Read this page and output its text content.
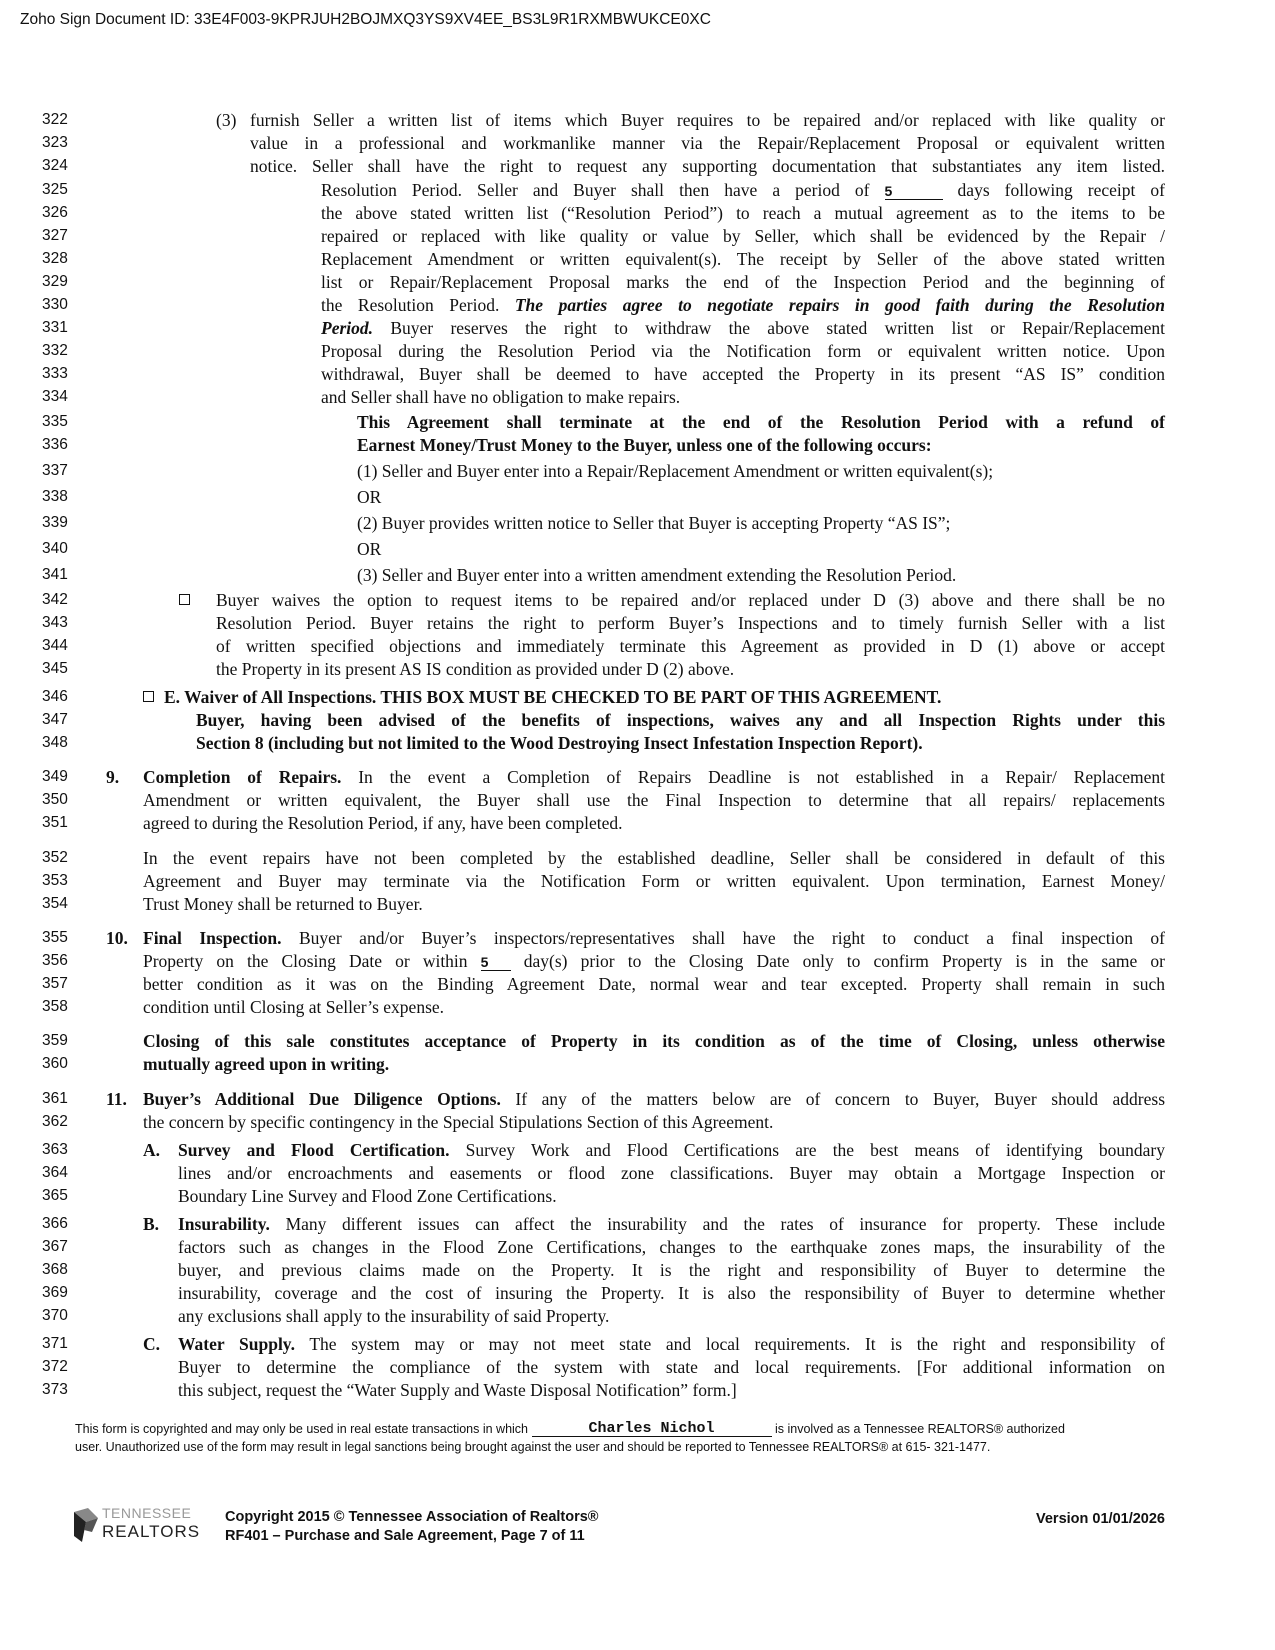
Zoho Sign Document ID: 33E4F003-9KPRJUH2BOJMXQ3YS9XV4EE_BS3L9R1RXMBWUKCE0XC
322
323
324
325
326
327
328
329
330
331
332
333
334
335
336
337
338
339
340
341
342
343
344
345
346
347
348
349
350
351
352
353
354
355
356
357
358
359
360
361
362
363
364
365
366
367
368
369
370
371
372
373
(3) furnish Seller a written list of items which Buyer requires to be repaired and/or replaced with like quality or
value in a professional and workmanlike manner via the Repair/Replacement Proposal or equivalent written
notice. Seller shall have the right to request any supporting documentation that substantiates any item listed.
Resolution Period. Seller and Buyer shall then have a period of 5	days following receipt of
the above stated written list (“Resolution Period”) to reach a mutual agreement as to the items to be
repaired or replaced with like quality or value by Seller, which shall be evidenced by the Repair /
Replacement Amendment or written equivalent(s). The receipt by Seller of the above stated written
list or Repair/Replacement Proposal marks the end of the Inspection Period and the beginning of
the Resolution Period. The parties agree to negotiate repairs in good faith during the Resolution
Period. Buyer reserves the right to withdraw the above stated written list or Repair/Replacement
Proposal during the Resolution Period via the Notification form or equivalent written notice. Upon
withdrawal, Buyer shall be deemed to have accepted the Property in its present “AS IS” condition
and Seller shall have no obligation to make repairs.
This Agreement shall terminate at the end of the Resolution Period with a refund of
Earnest Money/Trust Money to the Buyer, unless one of the following occurs:
(1) Seller and Buyer enter into a Repair/Replacement Amendment or written equivalent(s);
OR
(2) Buyer provides written notice to Seller that Buyer is accepting Property “AS IS”;
OR
(3) Seller and Buyer enter into a written amendment extending the Resolution Period.
Buyer waives the option to request items to be repaired and/or replaced under D (3) above and there shall be no
Resolution Period. Buyer retains the right to perform Buyer’s Inspections and to timely furnish Seller with a list
of written specified objections and immediately terminate this Agreement as provided in D (1) above or accept
the Property in its present AS IS condition as provided under D (2) above.
E. Waiver of All Inspections. THIS BOX MUST BE CHECKED TO BE PART OF THIS AGREEMENT.
Buyer, having been advised of the benefits of inspections, waives any and all Inspection Rights under this
Section 8 (including but not limited to the Wood Destroying Insect Infestation Inspection Report).
9. Completion of Repairs. In the event a Completion of Repairs Deadline is not established in a Repair/ Replacement
Amendment or written equivalent, the Buyer shall use the Final Inspection to determine that all repairs/ replacements
agreed to during the Resolution Period, if any, have been completed.
In the event repairs have not been completed by the established deadline, Seller shall be considered in default of this
Agreement and Buyer may terminate via the Notification Form or written equivalent. Upon termination, Earnest Money/
Trust Money shall be returned to Buyer.
10. Final Inspection. Buyer and/or Buyer’s inspectors/representatives shall have the right to conduct a final inspection of
Property on the Closing Date or within 5 day(s) prior to the Closing Date only to confirm Property is in the same or
better condition as it was on the Binding Agreement Date, normal wear and tear excepted. Property shall remain in such
condition until Closing at Seller’s expense.
Closing of this sale constitutes acceptance of Property in its condition as of the time of Closing, unless otherwise
mutually agreed upon in writing.
11. Buyer’s Additional Due Diligence Options. If any of the matters below are of concern to Buyer, Buyer should address
the concern by specific contingency in the Special Stipulations Section of this Agreement.
A. Survey and Flood Certification. Survey Work and Flood Certifications are the best means of identifying boundary
lines and/or encroachments and easements or flood zone classifications. Buyer may obtain a Mortgage Inspection or
Boundary Line Survey and Flood Zone Certifications.
B. Insurability. Many different issues can affect the insurability and the rates of insurance for property. These include
factors such as changes in the Flood Zone Certifications, changes to the earthquake zones maps, the insurability of the
buyer, and previous claims made on the Property. It is the right and responsibility of Buyer to determine the
insurability, coverage and the cost of insuring the Property. It is also the responsibility of Buyer to determine whether
any exclusions shall apply to the insurability of said Property.
C. Water Supply. The system may or may not meet state and local requirements. It is the right and responsibility of
Buyer to determine the compliance of the system with state and local requirements. [For additional information on
this subject, request the “Water Supply and Waste Disposal Notification” form.]
This form is copyrighted and may only be used in real estate transactions in which	Charles Nichol	is involved as a Tennessee REALTORS® authorized
user. Unauthorized use of the form may result in legal sanctions being brought against the user and should be reported to Tennessee REALTORS® at 615- 321-1477.
TENNESSEE
REALTORS
Copyright 2015 © Tennessee Association of Realtors®
RF401 – Purchase and Sale Agreement, Page 7 of 11
Version 01/01/2026
